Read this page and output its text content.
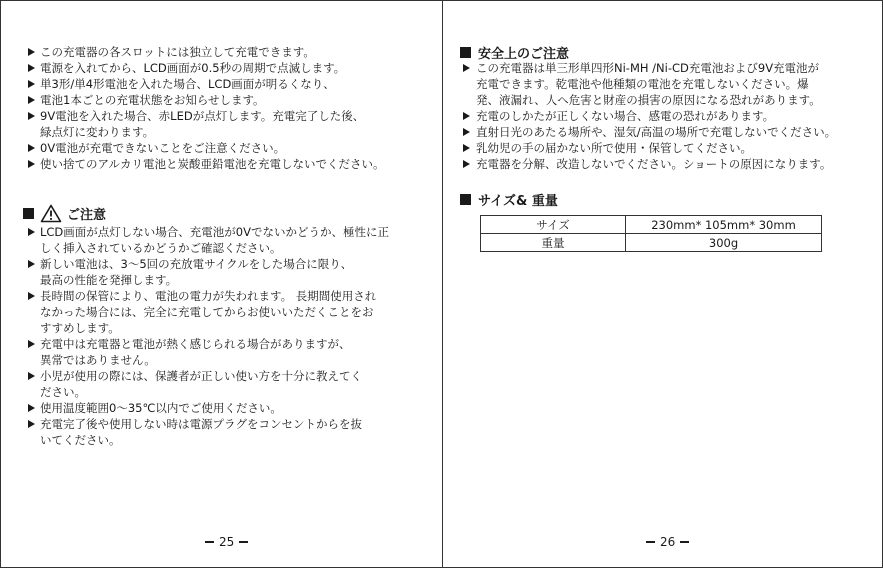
この充電器の各スロットには独立して充電できます。
電源を入れてから、LCD画面が0.5秒の周期で点滅します。
単3形/単4形電池を入れた場合、LCD画面が明るくなり、
電池1本ごとの充電状態をお知らせします。
9V電池を入れた場合、赤LEDが点灯します。充電完了した後、
緑点灯に変わります。
0V電池が充電できないことをご注意ください。
使い捨てのアルカリ電池と炭酸亜鉛電池を充電しないでください。
ご注意
LCD画面が点灯しない場合、充電池が0Vでないかどうか、極性に正
しく挿入されているかどうかご確認ください。
新しい電池は、3〜5回の充放電サイクルをした場合に限り、
最高の性能を発揮します。
長時間の保管により、電池の電力が失われます。 長期間使用され
なかった場合には、完全に充電してからお使いいただくことをお
すすめします。
充電中は充電器と電池が熱く感じられる場合がありますが、
異常ではありません。
小児が使用の際には、保護者が正しい使い方を十分に教えてく
ださい。
使用温度範囲0〜35℃以内でご使用ください。
充電完了後や使用しない時は電源プラグをコンセントからを抜
いてください。
25
安全上のご注意
この充電器は単三形単四形Ni-MH /Ni-CD充電池および9V充電池が
充電できます。乾電池や他種類の電池を充電しないください。爆
発、液漏れ、人へ危害と財産の損害の原因になる恐れがあります。
充電のしかたが正しくない場合、感電の恐れがあります。
直射日光のあたる場所や、湿気/高温の場所で充電しないでください。
乳幼児の手の届かない所で使用・保管してください。
充電器を分解、改造しないでください。ショートの原因になります。
サイズ& 重量
サイズ	230mm* 105mm* 30mm
重量	300g
26
